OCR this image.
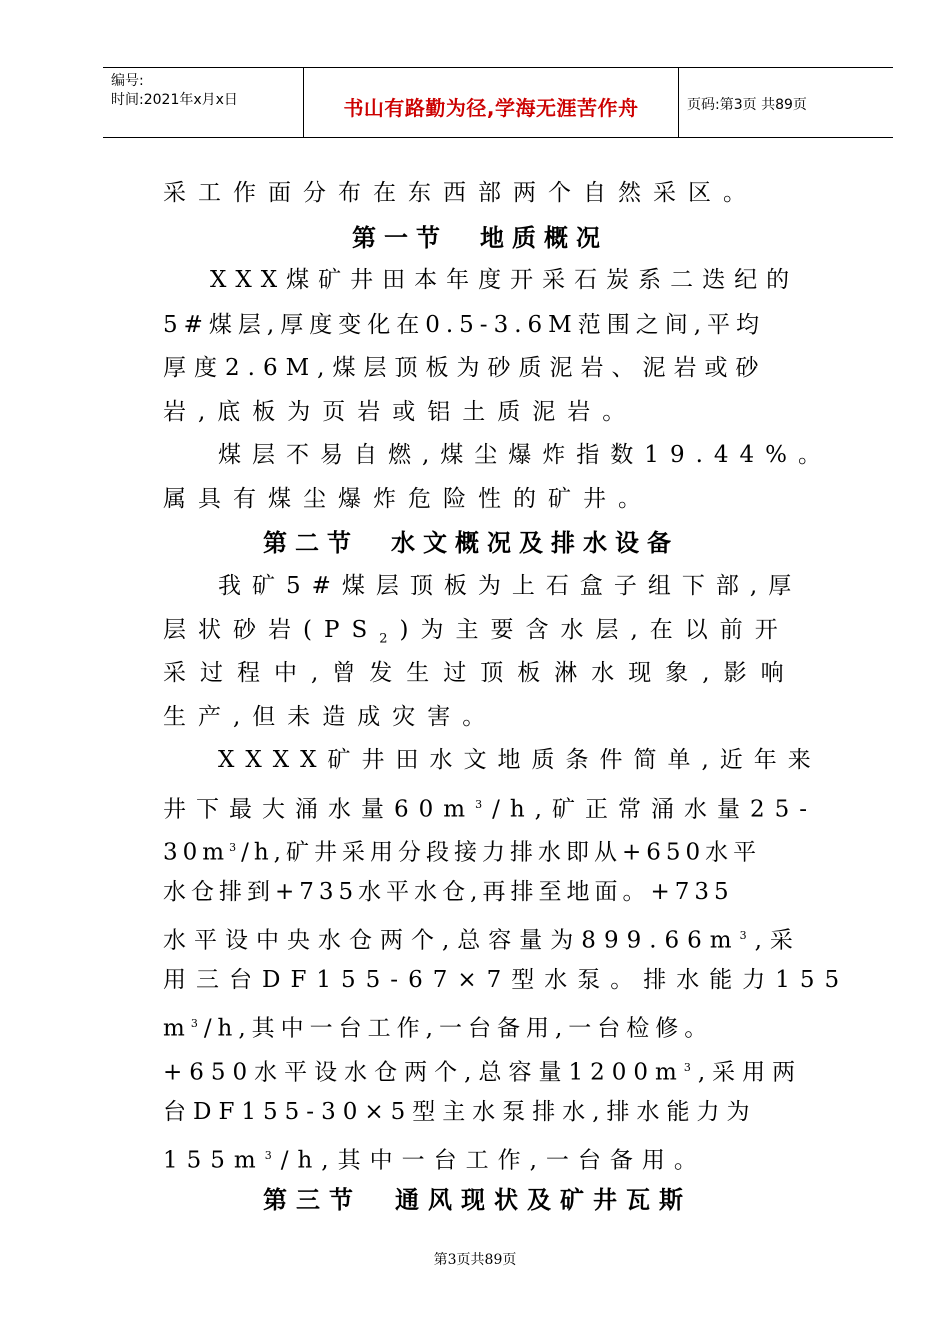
编号:
时间:2021年x月x日	书山有路勤为径,学海无涯苦作舟	页码:第3页 共89页
采工作面分布在东西部两个自然采区。
第一节　地质概况
XXX煤矿井田本年度开采石炭系二迭纪的
5#煤层,厚度变化在0.5-3.6M范围之间,平均
厚度2.6M,煤层顶板为砂质泥岩、泥岩或砂
岩,底板为页岩或铝土质泥岩。
煤层不易自燃,煤尘爆炸指数19.44%。
属具有煤尘爆炸危险性的矿井。
第二节　水文概况及排水设备
我矿5#煤层顶板为上石盒子组下部,厚
层状砂岩$(PS_2)$为主要含水层,在以前开
采过程中,曾发生过顶板淋水现象,影响
生产,但未造成灾害。
XXXX矿井田水文地质条件简单,近年来
井下最大涌水量$60m^3/h$,矿正常涌水量25-
$30m^3/h$,矿井采用分段接力排水即从+650水平
水仓排到+735水平水仓,再排至地面。+735
水平设中央水仓两个,总容量为$899.66m^3$,采
用三台DF155-67×7型水泵。排水能力155
$m^3/h$,其中一台工作,一台备用,一台检修。
+650水平设水仓两个,总容量$1200m^3$,采用两
台DF155-30×5型主水泵排水,排水能力为
$155m^3/h$,其中一台工作,一台备用。
第三节　通风现状及矿井瓦斯
第3页共89页
